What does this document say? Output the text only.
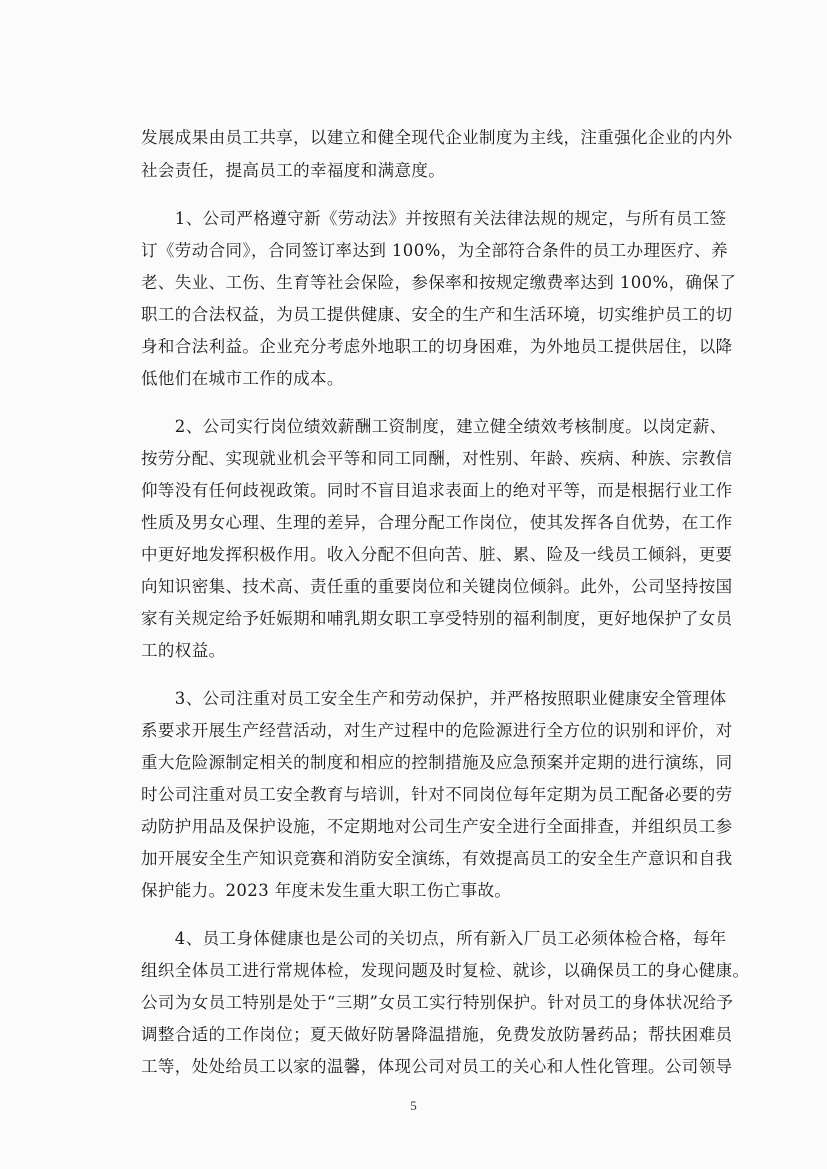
发展成果由员工共享，以建立和健全现代企业制度为主线，注重强化企业的内外
社会责任，提高员工的幸福度和满意度。
　　1、公司严格遵守新《劳动法》并按照有关法律法规的规定，与所有员工签
订《劳动合同》，合同签订率达到 100%，为全部符合条件的员工办理医疗、养
老、失业、工伤、生育等社会保险，参保率和按规定缴费率达到 100%，确保了
职工的合法权益，为员工提供健康、安全的生产和生活环境，切实维护员工的切
身和合法利益。企业充分考虑外地职工的切身困难，为外地员工提供居住，以降
低他们在城市工作的成本。
　　2、公司实行岗位绩效薪酬工资制度，建立健全绩效考核制度。以岗定薪、
按劳分配、实现就业机会平等和同工同酬，对性别、年龄、疾病、种族、宗教信
仰等没有任何歧视政策。同时不盲目追求表面上的绝对平等，而是根据行业工作
性质及男女心理、生理的差异，合理分配工作岗位，使其发挥各自优势，在工作
中更好地发挥积极作用。收入分配不但向苦、脏、累、险及一线员工倾斜，更要
向知识密集、技术高、责任重的重要岗位和关键岗位倾斜。此外，公司坚持按国
家有关规定给予妊娠期和哺乳期女职工享受特别的福利制度，更好地保护了女员
工的权益。
　　3、公司注重对员工安全生产和劳动保护，并严格按照职业健康安全管理体
系要求开展生产经营活动，对生产过程中的危险源进行全方位的识别和评价，对
重大危险源制定相关的制度和相应的控制措施及应急预案并定期的进行演练，同
时公司注重对员工安全教育与培训，针对不同岗位每年定期为员工配备必要的劳
动防护用品及保护设施，不定期地对公司生产安全进行全面排查，并组织员工参
加开展安全生产知识竞赛和消防安全演练，有效提高员工的安全生产意识和自我
保护能力。2023 年度未发生重大职工伤亡事故。
　　4、员工身体健康也是公司的关切点，所有新入厂员工必须体检合格，每年
组织全体员工进行常规体检，发现问题及时复检、就诊，以确保员工的身心健康。
公司为女员工特别是处于“三期”女员工实行特别保护。针对员工的身体状况给予
调整合适的工作岗位；夏天做好防暑降温措施，免费发放防暑药品；帮扶困难员
工等，处处给员工以家的温馨，体现公司对员工的关心和人性化管理。公司领导
5
